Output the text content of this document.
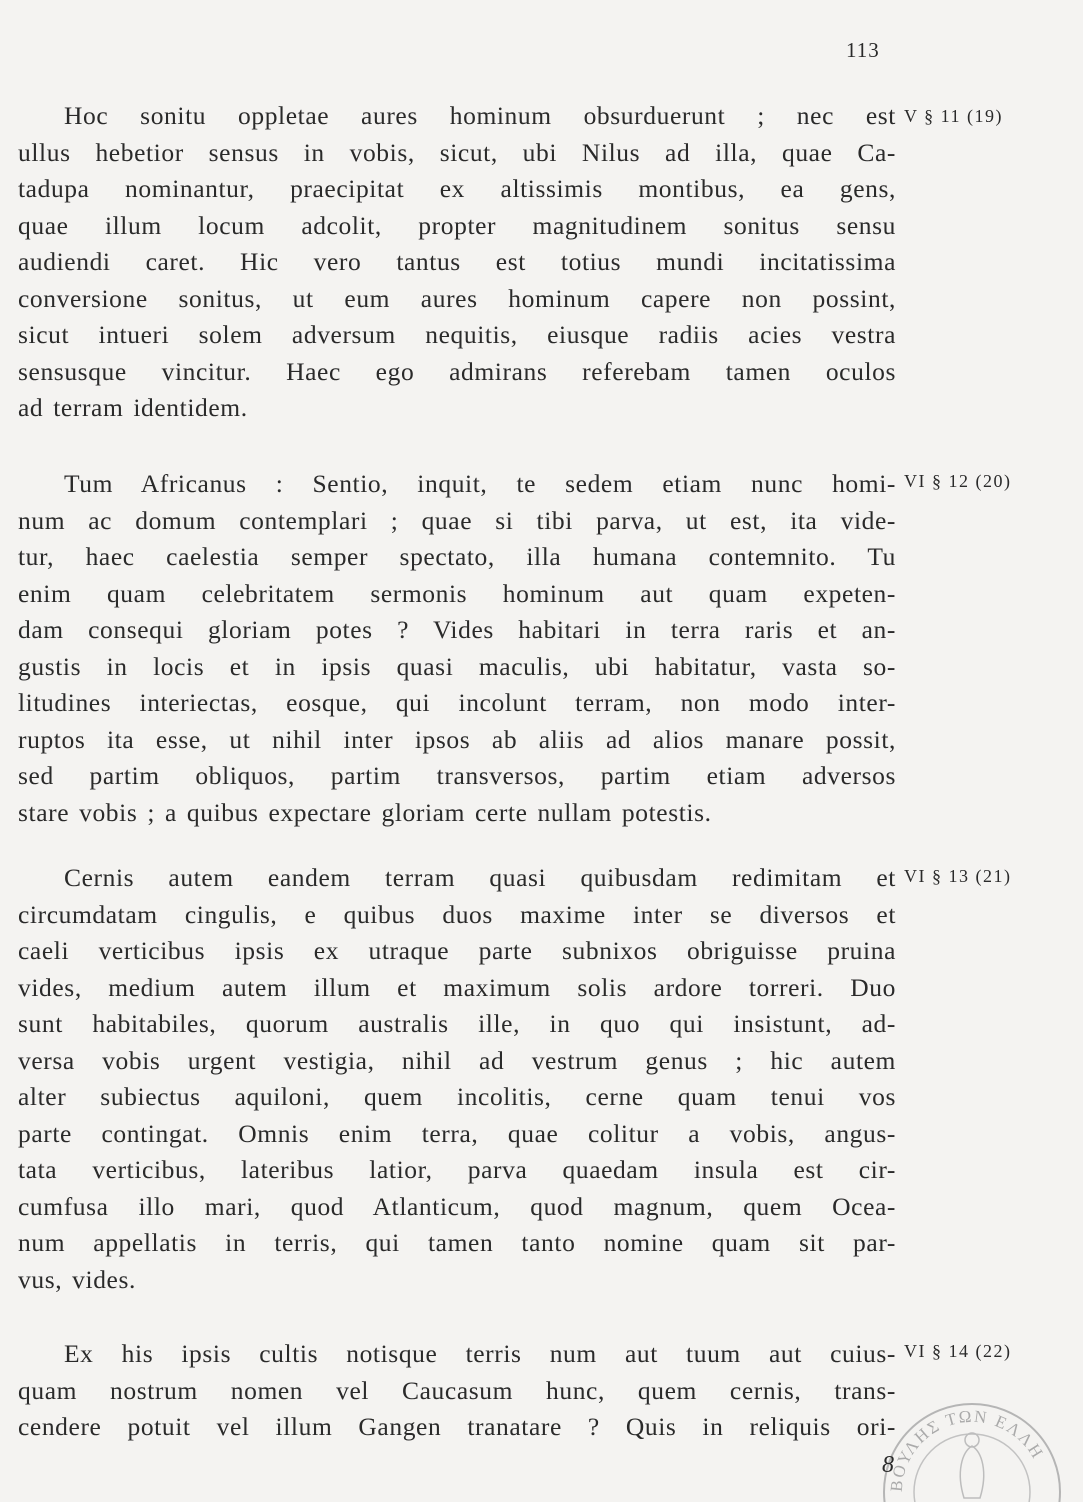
113
Hoc sonitu oppletae aures hominum obsurduerunt ; nec est
ullus hebetior sensus in vobis, sicut, ubi Nilus ad illa, quae Ca-
tadupa nominantur, praecipitat ex altissimis montibus, ea gens,
quae illum locum adcolit, propter magnitudinem sonitus sensu
audiendi caret. Hic vero tantus est totius mundi incitatissima
conversione sonitus, ut eum aures hominum capere non possint,
sicut intueri solem adversum nequitis, eiusque radiis acies vestra
sensusque vincitur. Haec ego admirans referebam tamen oculos
ad terram identidem.
V § 11 (19)
Tum Africanus : Sentio, inquit, te sedem etiam nunc homi-
num ac domum contemplari ; quae si tibi parva, ut est, ita vide-
tur, haec caelestia semper spectato, illa humana contemnito. Tu
enim quam celebritatem sermonis hominum aut quam expeten-
dam consequi gloriam potes ? Vides habitari in terra raris et an-
gustis in locis et in ipsis quasi maculis, ubi habitatur, vasta so-
litudines interiectas, eosque, qui incolunt terram, non modo inter-
ruptos ita esse, ut nihil inter ipsos ab aliis ad alios manare possit,
sed partim obliquos, partim transversos, partim etiam adversos
stare vobis ; a quibus expectare gloriam certe nullam potestis.
VI § 12 (20)
Cernis autem eandem terram quasi quibusdam redimitam et
circumdatam cingulis, e quibus duos maxime inter se diversos et
caeli verticibus ipsis ex utraque parte subnixos obriguisse pruina
vides, medium autem illum et maximum solis ardore torreri. Duo
sunt habitabiles, quorum australis ille, in quo qui insistunt, ad-
versa vobis urgent vestigia, nihil ad vestrum genus ; hic autem
alter subiectus aquiloni, quem incolitis, cerne quam tenui vos
parte contingat. Omnis enim terra, quae colitur a vobis, angus-
tata verticibus, lateribus latior, parva quaedam insula est cir-
cumfusa illo mari, quod Atlanticum, quod magnum, quem Ocea-
num appellatis in terris, qui tamen tanto nomine quam sit par-
vus, vides.
VI § 13 (21)
Ex his ipsis cultis notisque terris num aut tuum aut cuius-
quam nostrum nomen vel Caucasum hunc, quem cernis, trans-
cendere potuit vel illum Gangen tranatare ? Quis in reliquis ori-
VI § 14 (22)
ΒΟΥΛΗΣ ΤΩΝ ΕΛΛΗ
8
